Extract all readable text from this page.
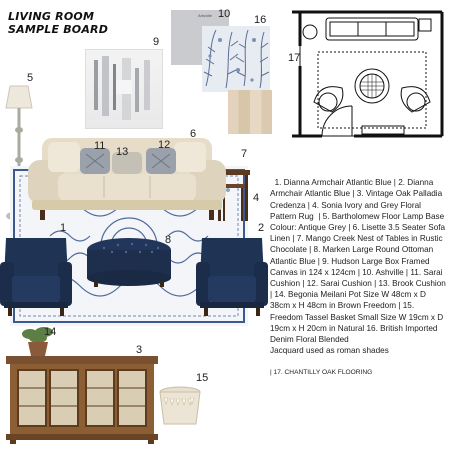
LIVING ROOM
SAMPLE BOARD
Artsville 10 16
17
9
5
6
7
11 13
12
4
1	2
8
14
3
15

1. Dianna Armchair Atlantic Blue | 2. Dianna Armchair Atlantic Blue | 3. Vintage Oak Palladia Credenza | 4. Sonia Ivory and Grey Floral Pattern Rug  | 5. Bartholomew Floor Lamp Base Colour: Antique Grey | 6. Lisette 3.5 Seater Sofa Linen | 7. Mango Creek Nest of Tables in Rustic Chocolate | 8. Marken Large Round Ottoman Atlantic Blue | 9. Hudson Large Box Framed Canvas in 124 x 124cm | 10. Ashville | 11. Sarai Cushion | 12. Sarai Cushion | 13. Brook Cushion | 14. Begonia Meilani Pot Size W 48cm x D 38cm x H 48cm in Brown Freedom | 15. Freedom Tassel Basket Small Size W 19cm x D 19cm x H 20cm in Natural 16. British Imported Denim Floral Blended
Jacquard used as roman shades

| 17. CHANTILLY OAK FLOORING
